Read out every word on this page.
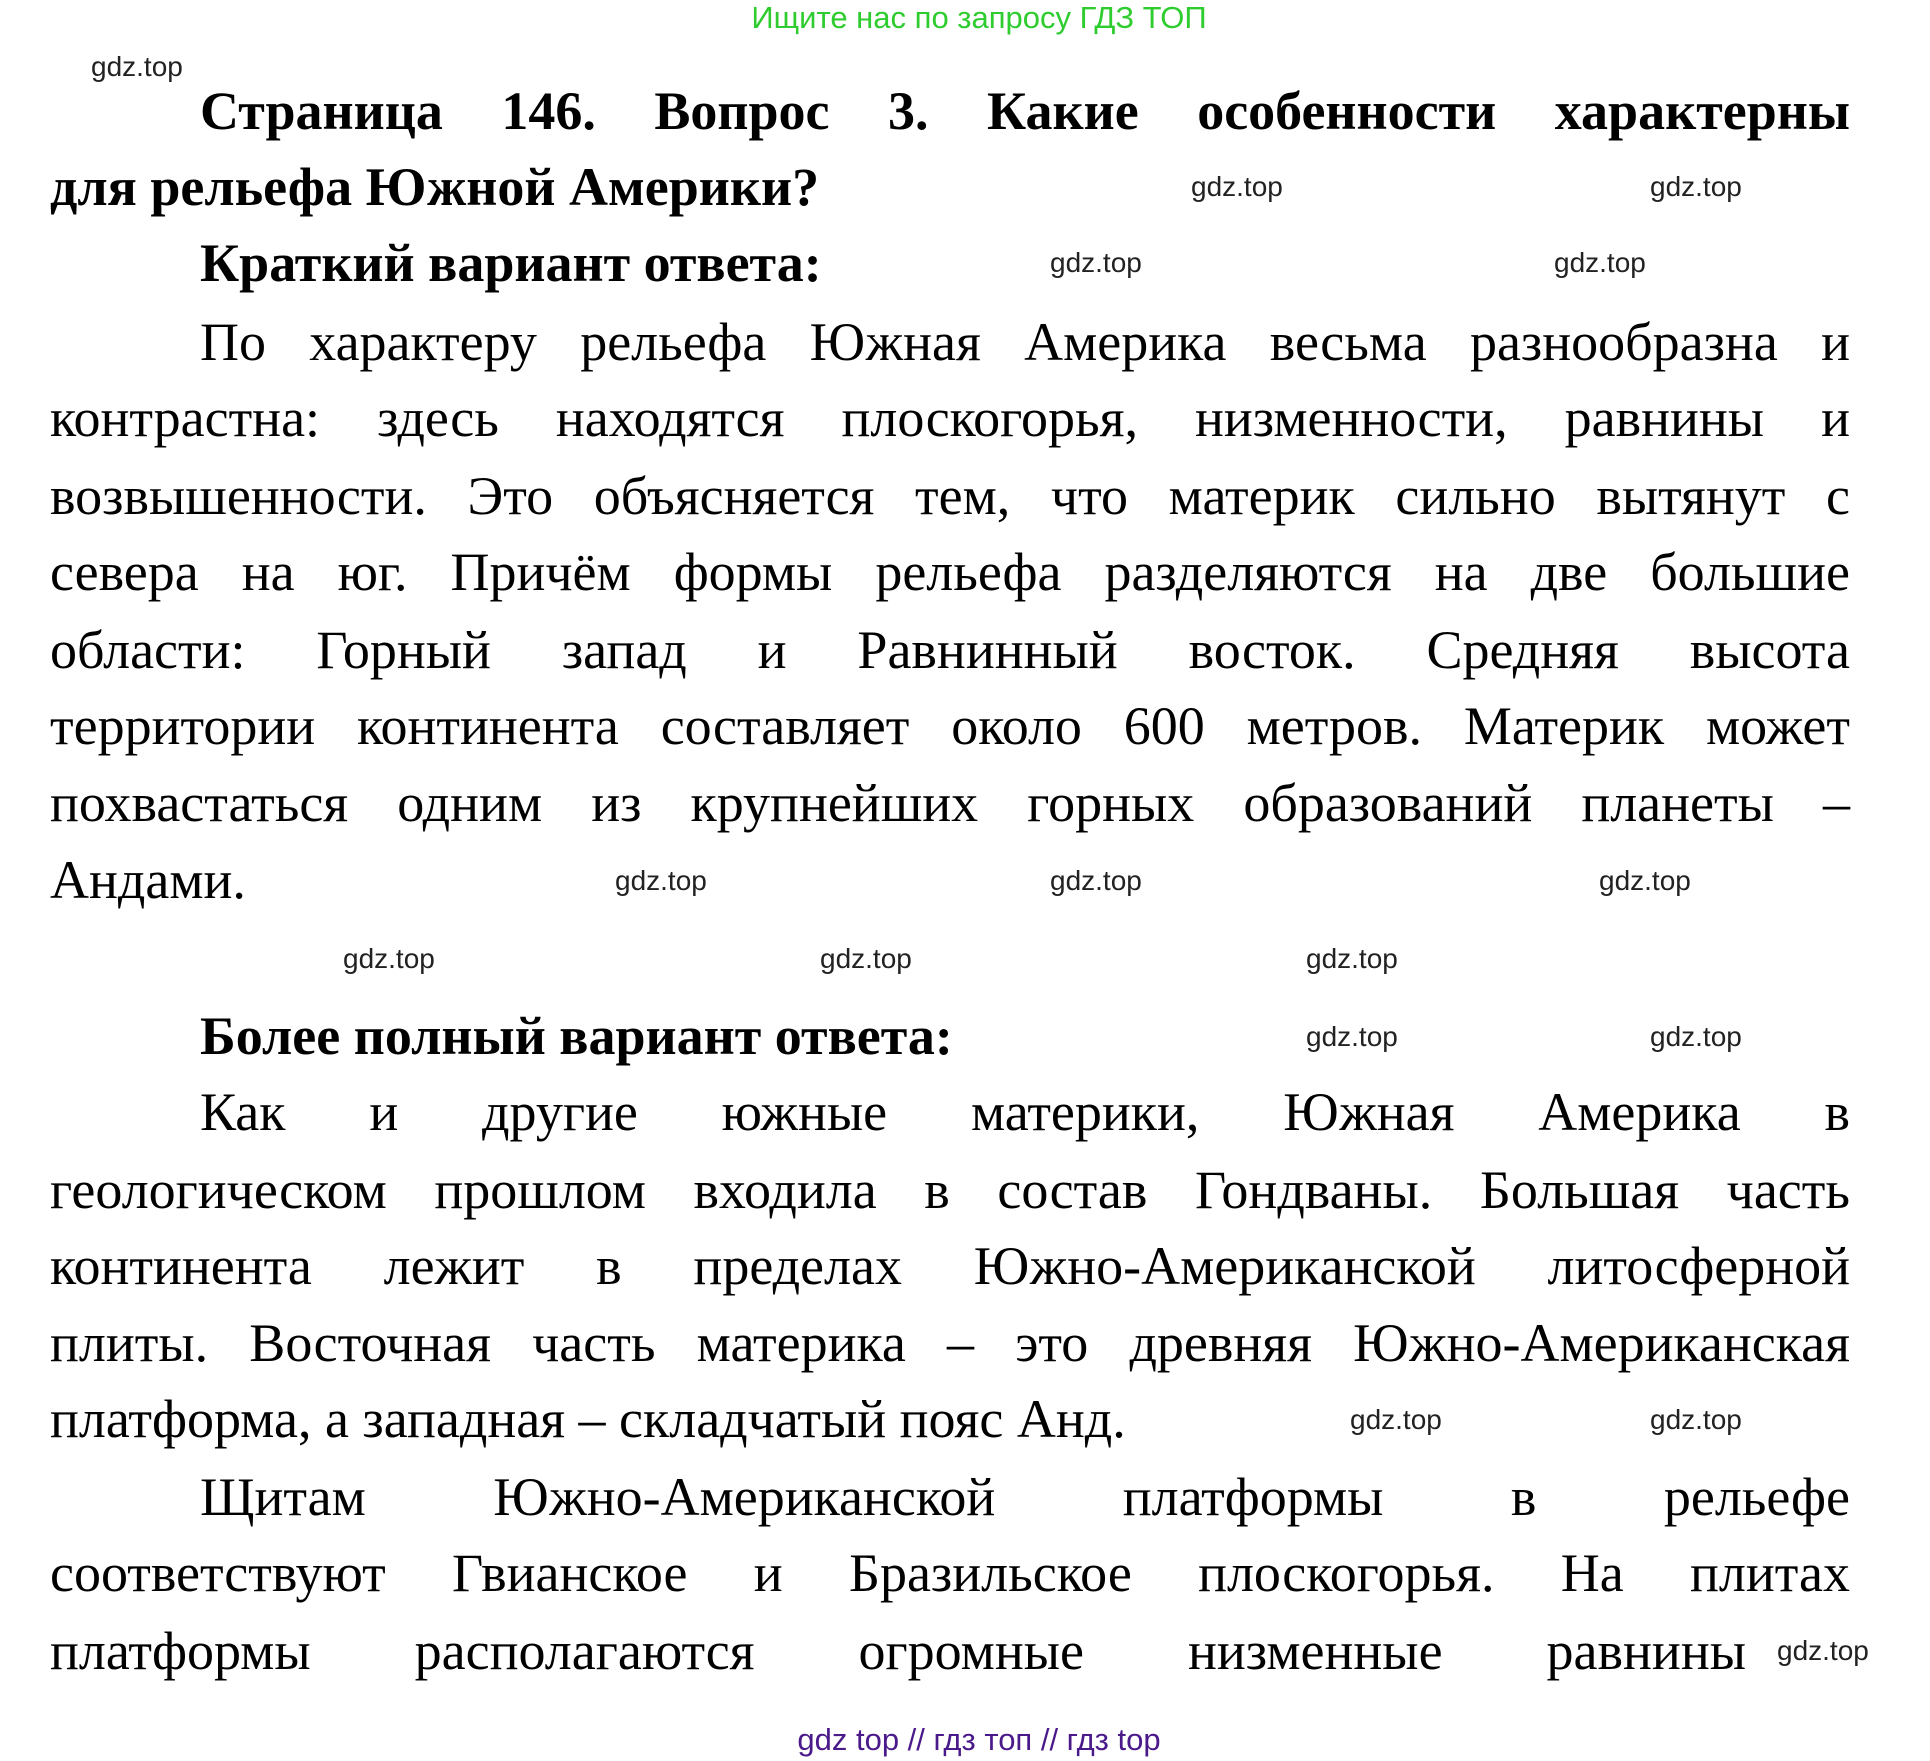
Ищите нас по запросу ГДЗ ТОП
Страница 146. Вопрос 3. Какие особенности характерны
для рельефа Южной Америки?
Краткий вариант ответа:
По характеру рельефа Южная Америка весьма разнообразна и
контрастна: здесь находятся плоскогорья, низменности, равнины и
возвышенности. Это объясняется тем, что материк сильно вытянут с
севера на юг. Причём формы рельефа разделяются на две большие
области: Горный запад и Равнинный восток. Средняя высота
территории континента составляет около 600 метров. Материк может
похвастаться одним из крупнейших горных образований планеты –
Андами.
Более полный вариант ответа:
Как и другие южные материки, Южная Америка в
геологическом прошлом входила в состав Гондваны. Большая часть
континента лежит в пределах Южно-Американской литосферной
плиты. Восточная часть материка – это древняя Южно-Американская
платформа, а западная – складчатый пояс Анд.
Щитам Южно-Американской платформы в рельефе
соответствуют Гвианское и Бразильское плоскогорья. На плитах
платформы располагаются огромные низменные равнины
gdz.top
gdz.top	gdz.top
gdz.top	gdz.top
gdz.top	gdz.top	gdz.top
gdz.top	gdz.top	gdz.top
gdz.top	gdz.top
gdz.top	gdz.top
gdz.top
gdz top // гдз топ // гдз top
